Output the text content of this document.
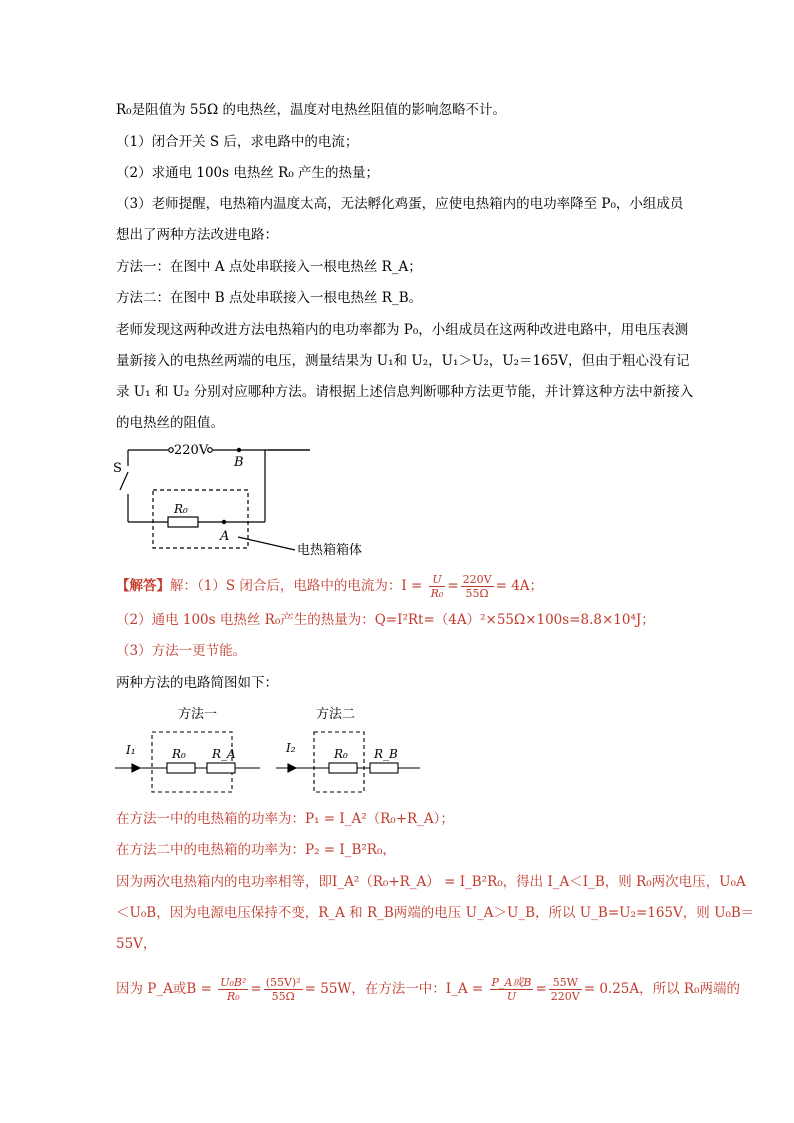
R₀是阻值为 55Ω 的电热丝，温度对电热丝阻值的影响忽略不计。
（1）闭合开关 S 后，求电路中的电流；
（2）求通电 100s 电热丝 R₀ 产生的热量；
（3）老师提醒，电热箱内温度太高，无法孵化鸡蛋，应使电热箱内的电功率降至 P₀，小组成员
想出了两种方法改进电路：
方法一：在图中 A 点处串联接入一根电热丝 R_A；
方法二：在图中 B 点处串联接入一根电热丝 R_B。
老师发现这两种改进方法电热箱内的电功率都为 P₀，小组成员在这两种改进电路中，用电压表测
量新接入的电热丝两端的电压，测量结果为 U₁和 U₂，U₁＞U₂，U₂＝165V，但由于粗心没有记
录 U₁ 和 U₂ 分别对应哪种方法。请根据上述信息判断哪种方法更节能，并计算这种方法中新接入
的电热丝的阻值。
S
220V
B
R₀
A
电热箱箱体
【解答】解：（1）S 闭合后，电路中的电流为：$I = \frac{U}{\text{R₀}} = \frac{220V}{55\Omega} = 4A$；
（2）通电 100s 电热丝 R₀产生的热量为：Q=I²Rt=（4A）²×55Ω×100s=8.8×10⁴J；
（3）方法一更节能。
两种方法的电路简图如下：
方法一	方法二
I₁	I₂
R₀ R_A	R₀ R_B
在方法一中的电热箱的功率为：P₁ = I_A²（R₀+R_A）；
在方法二中的电热箱的功率为：P₂ = I_B²R₀，
因为两次电热箱内的电功率相等，即I_A²（R₀+R_A） = I_B²R₀，得出 I_A＜I_B，则 R₀两次电压，U₀A
＜U₀B，因为电源电压保持不变，R_A 和 R_B两端的电压 U_A＞U_B，所以 U_B=U₂=165V，则 U₀B＝
55V，
因为 P_A或$B = \frac{\text{U₀B²}}{\text{R₀}} = \frac{\text{(55V)²}}{55\Omega} = 55W$，在方法一中：I_A = $\frac{\text{P\_A或B}}{U} = \frac{55W}{220V} = 0.25A$，所以 R₀两端的
